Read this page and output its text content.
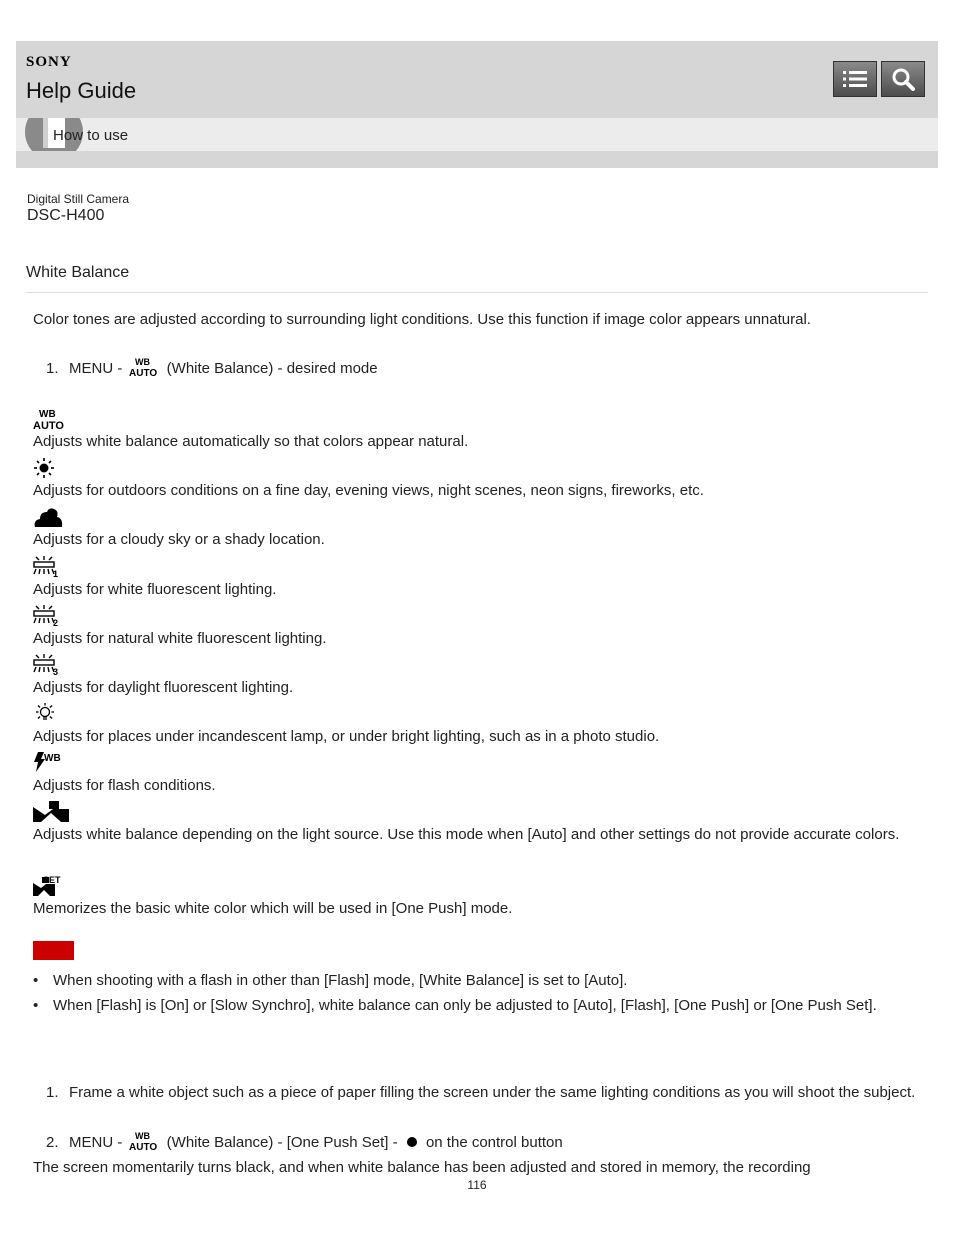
SONY
Help Guide
How to use
Digital Still Camera
DSC-H400
White Balance
Color tones are adjusted according to surrounding light conditions. Use this function if image color appears unnatural.
1. MENU - WB
AUTO (White Balance) - desired mode
WB
AUTO
Adjusts white balance automatically so that colors appear natural.
Adjusts for outdoors conditions on a fine day, evening views, night scenes, neon signs, fireworks, etc.
Adjusts for a cloudy sky or a shady location.
1
Adjusts for white fluorescent lighting.
2
Adjusts for natural white fluorescent lighting.
3
Adjusts for daylight fluorescent lighting.
Adjusts for places under incandescent lamp, or under bright lighting, such as in a photo studio.
WB
Adjusts for flash conditions.
Adjusts white balance depending on the light source. Use this mode when [Auto] and other settings do not provide accurate colors.
SET
Memorizes the basic white color which will be used in [One Push] mode.
• When shooting with a flash in other than [Flash] mode, [White Balance] is set to [Auto].
• When [Flash] is [On] or [Slow Synchro], white balance can only be adjusted to [Auto], [Flash], [One Push] or [One Push Set].
1. Frame a white object such as a piece of paper filling the screen under the same lighting conditions as you will shoot the subject.
2. MENU - WB
AUTO (White Balance) - [One Push Set] - on the control button
The screen momentarily turns black, and when white balance has been adjusted and stored in memory, the recording
116
